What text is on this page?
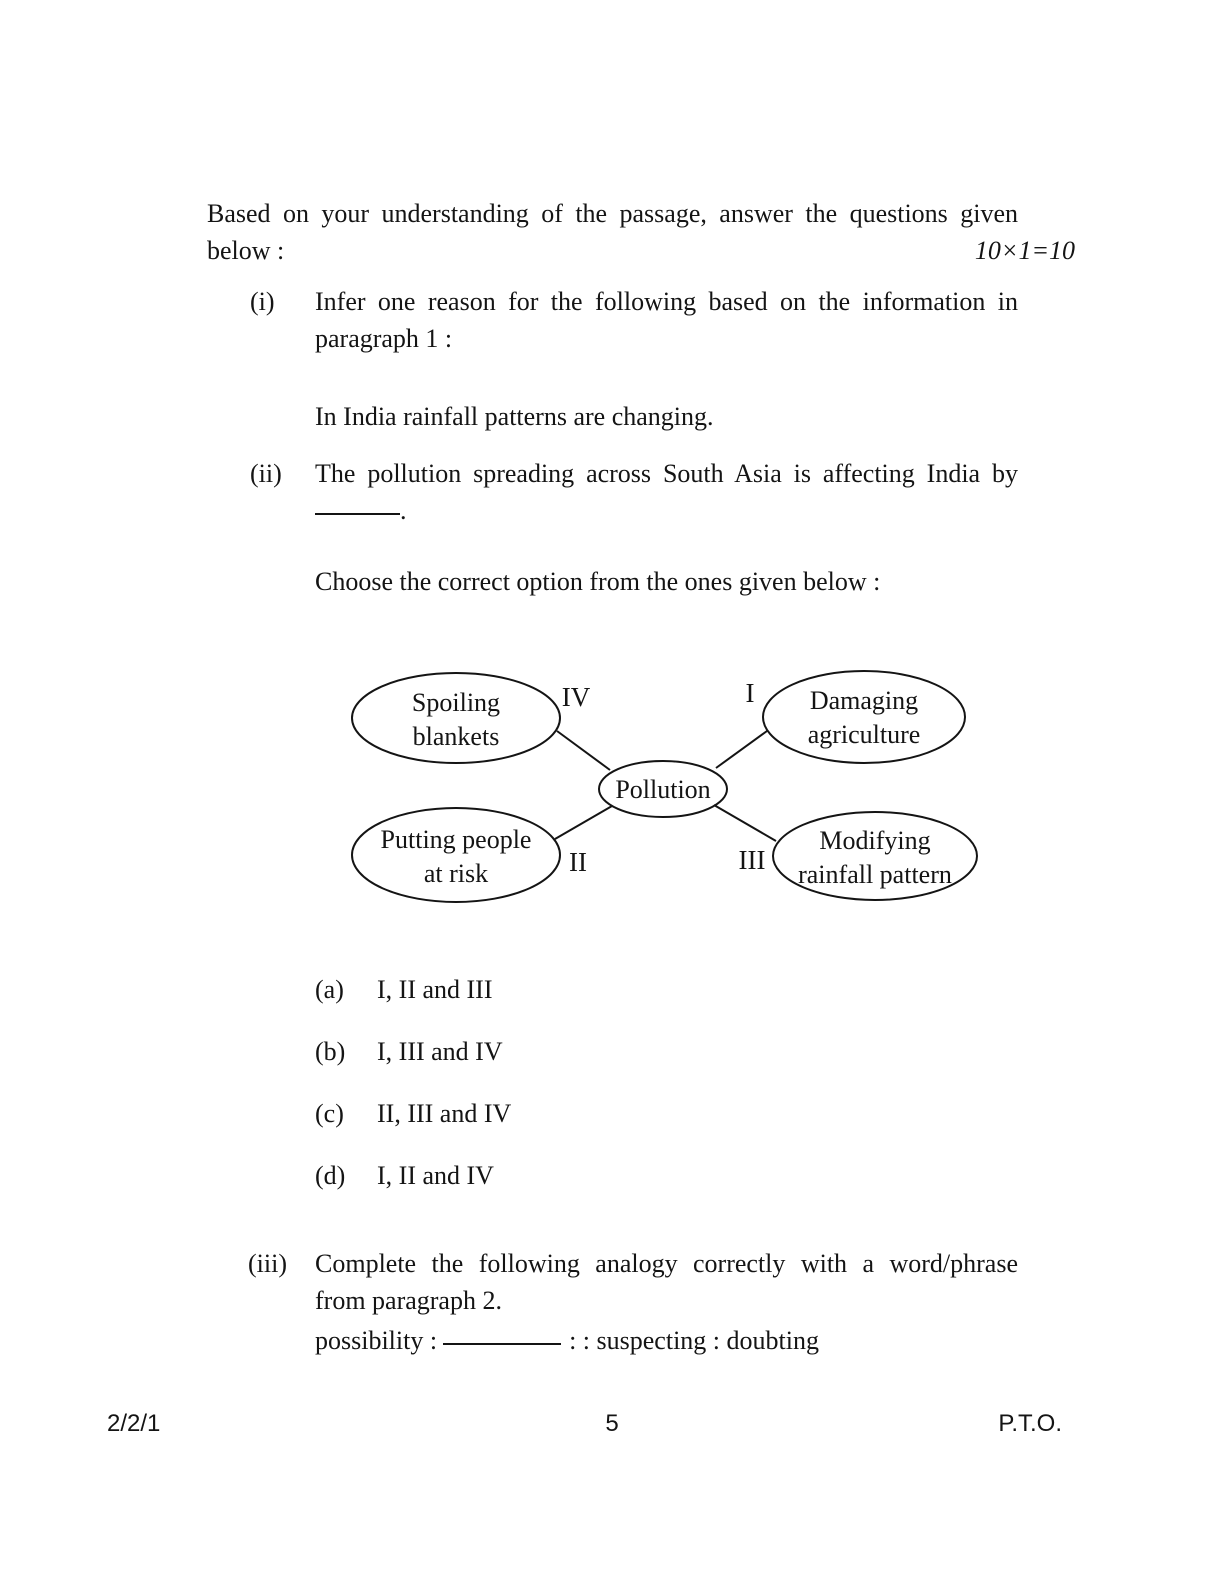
Based on your understanding of the passage, answer the questions given
below :	10×1=10
(i) Infer one reason for the following based on the information in
paragraph 1 :
In India rainfall patterns are changing.
(ii) The pollution spreading across South Asia is affecting India by
.
Choose the correct option from the ones given below :
Spoiling blankets
Damaging agriculture
Pollution
Putting people at risk
Modifying rainfall pattern
IV	I
II	III
(a) I, II and III
(b) I, III and IV
(c) II, III and IV
(d) I, II and IV
(iii) Complete the following analogy correctly with a word/phrase
from paragraph 2.
possibility :	: : suspecting : doubting
2/2/1	5	P.T.O.
